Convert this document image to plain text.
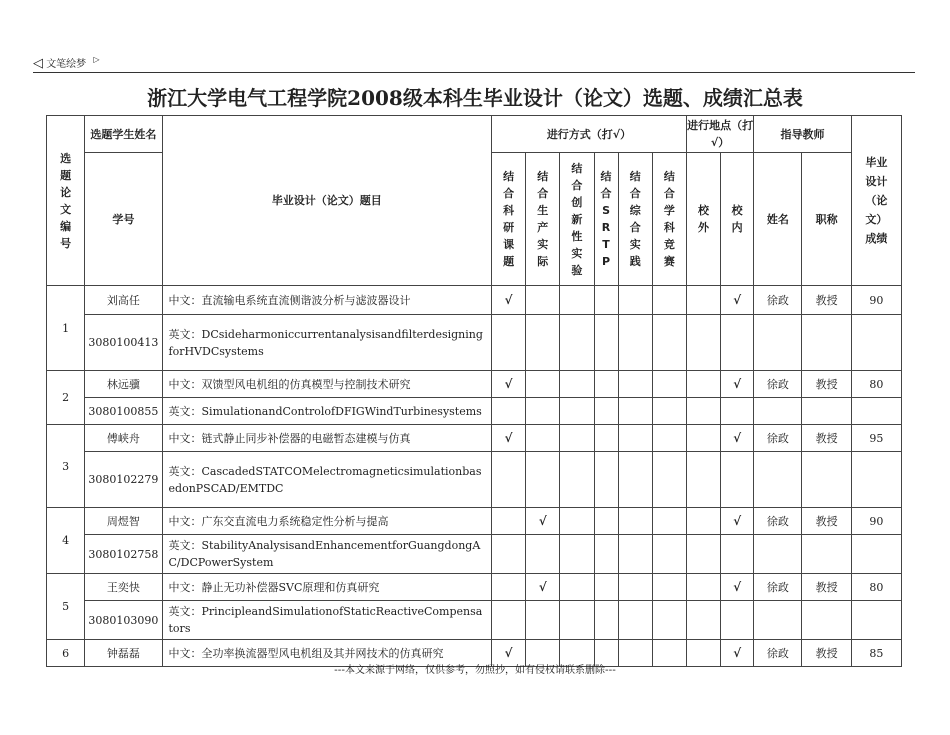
◁ 文笔绘梦 ▷
浙江大学电气工程学院2008级本科生毕业设计（论文）选题、成绩汇总表
选题论文编号	选题学生姓名	毕业设计（论文）题目	进行方式（打√）						进行地点（打√）		指导教师		毕业设计（论文）成绩

	学号		结合科研课题	结合生产实际	结合创新性实验	结合SRTP	结合综合实践	结合学科竞赛	校外	校内	姓名	职称	
1	刘高任	中文：直流输电系统直流侧谐波分析与滤波器设计	√							√	徐政	教授	90
	3080100413	英文：DCsideharmoniccurrentanalysisandfilterdesigningforHVDCsystems											
2	林远骥	中文：双馈型风电机组的仿真模型与控制技术研究	√							√	徐政	教授	80
	3080100855	英文：SimulationandControlofDFIGWindTurbinesystems											
3	傅峡舟	中文：链式静止同步补偿器的电磁暂态建模与仿真	√							√	徐政	教授	95
	3080102279	英文：CascadedSTATCOMelectromagneticsimulationbasedonPSCAD/EMTDC											
4	周煜智	中文：广东交直流电力系统稳定性分析与提高		√						√	徐政	教授	90
	3080102758	英文：StabilityAnalysisandEnhancementforGuangdongAC/DCPowerSystem											
5	王奕快	中文：静止无功补偿器SVC原理和仿真研究		√						√	徐政	教授	80
	3080103090	英文：PrincipleandSimulationofStaticReactiveCompensators											
6	钟磊磊	中文：全功率换流器型风电机组及其并网技术的仿真研究	√							√	徐政	教授	85
---本文来源于网络，仅供参考，勿照抄，如有侵权请联系删除---
